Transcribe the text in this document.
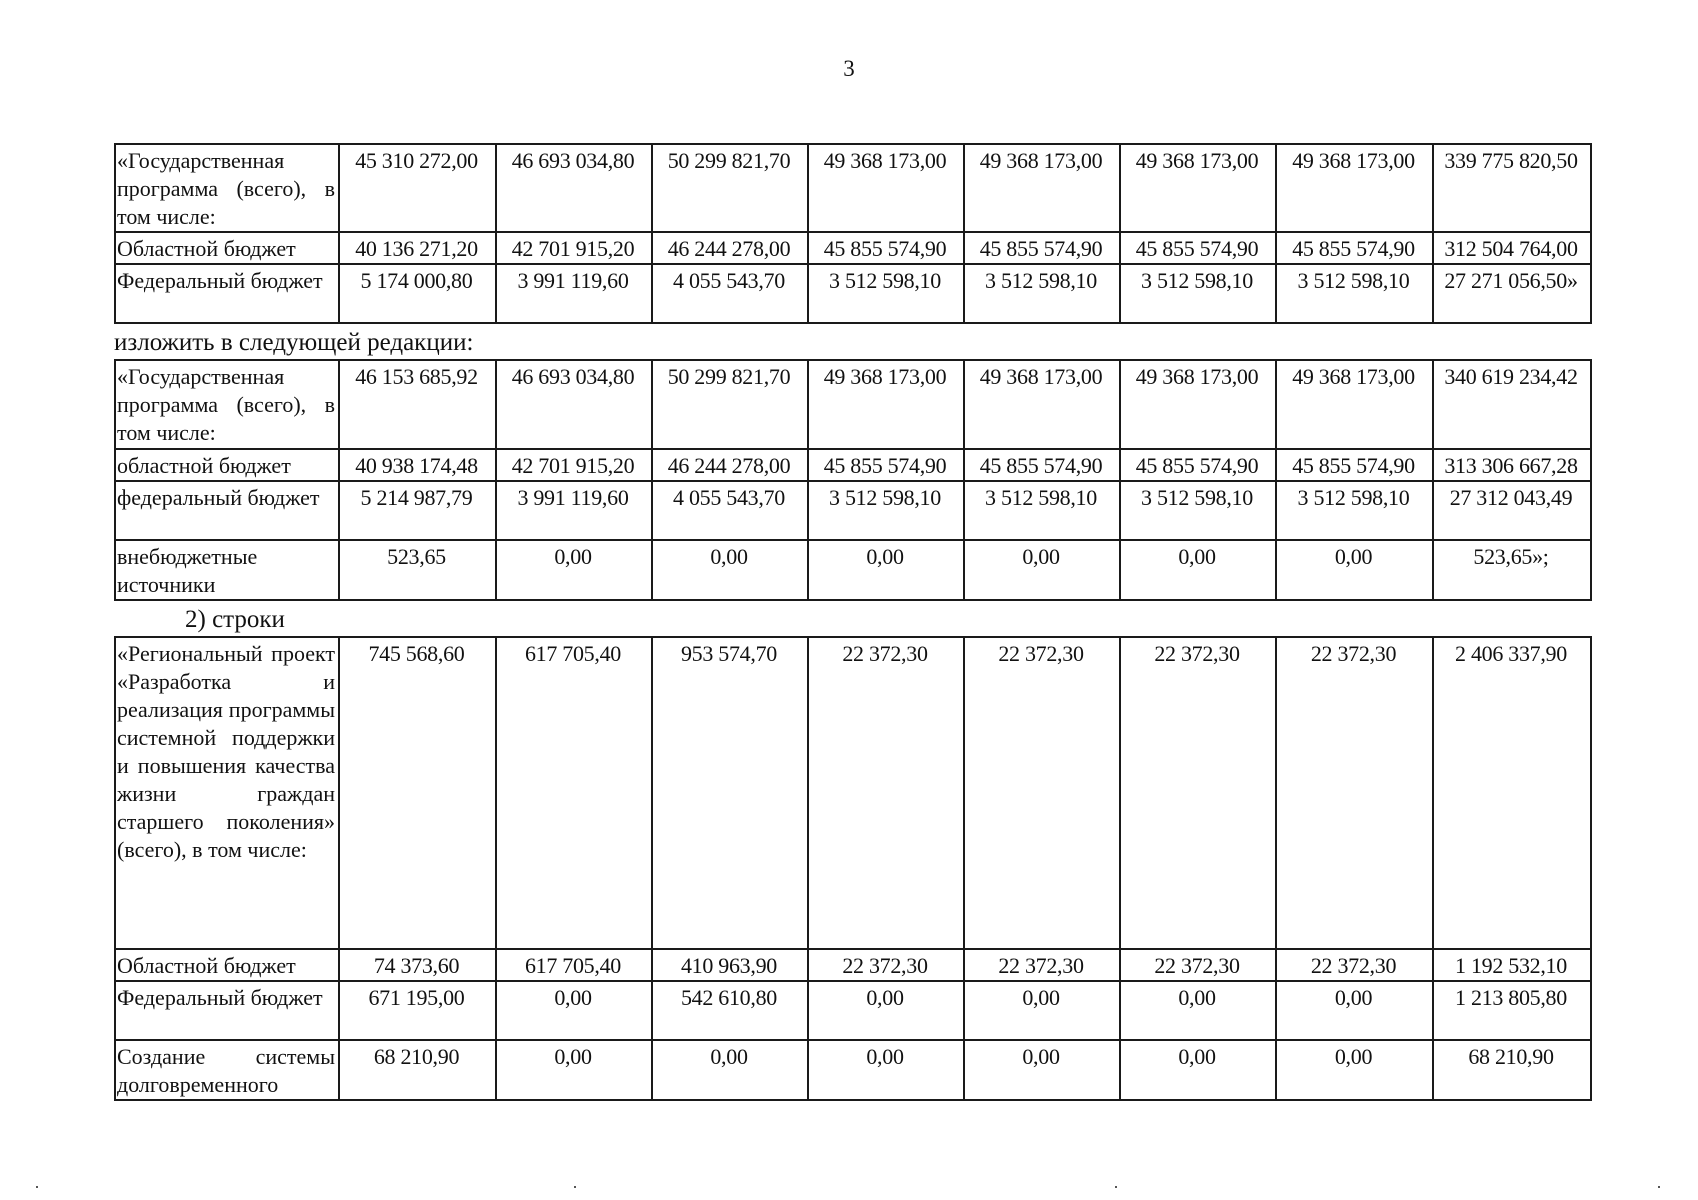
3
«Государственная программа (всего), в том числе:	45 310 272,00	46 693 034,80	50 299 821,70	49 368 173,00	49 368 173,00	49 368 173,00	49 368 173,00	339 775 820,50
Областной бюджет	40 136 271,20	42 701 915,20	46 244 278,00	45 855 574,90	45 855 574,90	45 855 574,90	45 855 574,90	312 504 764,00
Федеральный бюджет	5 174 000,80	3 991 119,60	4 055 543,70	3 512 598,10	3 512 598,10	3 512 598,10	3 512 598,10	27 271 056,50»
изложить в следующей редакции:
«Государственная программа (всего), в том числе:	46 153 685,92	46 693 034,80	50 299 821,70	49 368 173,00	49 368 173,00	49 368 173,00	49 368 173,00	340 619 234,42
областной бюджет	40 938 174,48	42 701 915,20	46 244 278,00	45 855 574,90	45 855 574,90	45 855 574,90	45 855 574,90	313 306 667,28
федеральный бюджет	5 214 987,79	3 991 119,60	4 055 543,70	3 512 598,10	3 512 598,10	3 512 598,10	3 512 598,10	27 312 043,49
внебюджетные источники	523,65	0,00	0,00	0,00	0,00	0,00	0,00	523,65»;
2) строки
«Региональный проект «Разработка и реализация программы системной поддержки и повышения качества жизни граждан старшего поколения» (всего), в том числе:	745 568,60	617 705,40	953 574,70	22 372,30	22 372,30	22 372,30	22 372,30	2 406 337,90
Областной бюджет	74 373,60	617 705,40	410 963,90	22 372,30	22 372,30	22 372,30	22 372,30	1 192 532,10
Федеральный бюджет	671 195,00	0,00	542 610,80	0,00	0,00	0,00	0,00	1 213 805,80
Создание системы долговременного	68 210,90	0,00	0,00	0,00	0,00	0,00	0,00	68 210,90
